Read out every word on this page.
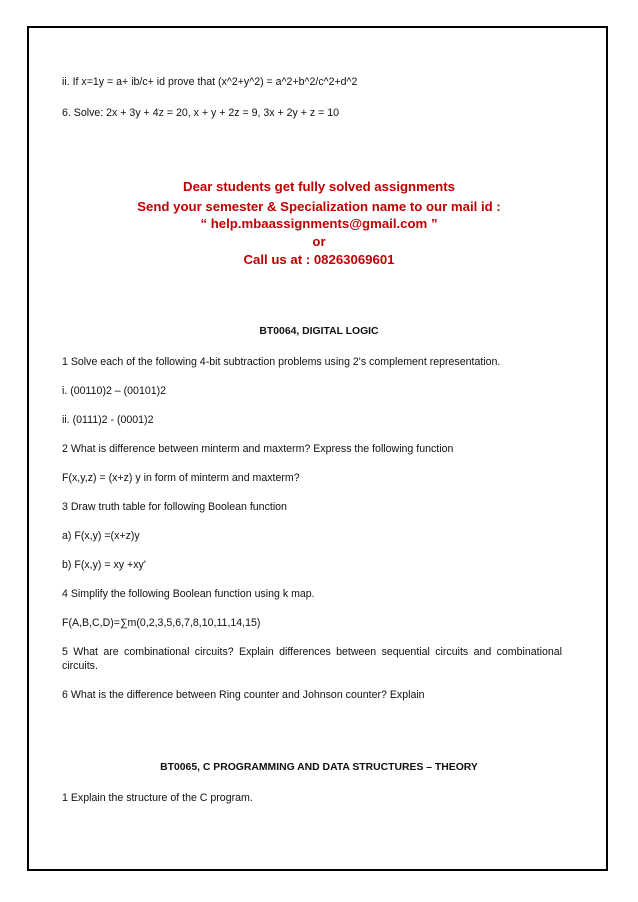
ii. If x=1y = a+ ib/c+ id prove that (x^2+y^2) = a^2+b^2/c^2+d^2
6. Solve: 2x + 3y + 4z = 20, x + y + 2z = 9, 3x + 2y + z = 10
Dear students get fully solved assignments
Send your semester & Specialization name to our mail id :
“ help.mbaassignments@gmail.com ”
or
Call us at : 08263069601
BT0064, DIGITAL LOGIC
1 Solve each of the following 4-bit subtraction problems using 2's complement representation.
i. (00110)2 – (00101)2
ii. (0111)2 - (0001)2
2 What is difference between minterm and maxterm? Express the following function
F(x,y,z) = (x+z) y in form of minterm and maxterm?
3 Draw truth table for following Boolean function
a) F(x,y) =(x+z)y
b) F(x,y) = xy +xy'
4 Simplify the following Boolean function using k map.
F(A,B,C,D)=∑m(0,2,3,5,6,7,8,10,11,14,15)
5 What are combinational circuits? Explain differences between sequential circuits and combinational circuits.
6 What is the difference between Ring counter and Johnson counter? Explain
BT0065, C PROGRAMMING AND DATA STRUCTURES – THEORY
1 Explain the structure of the C program.
